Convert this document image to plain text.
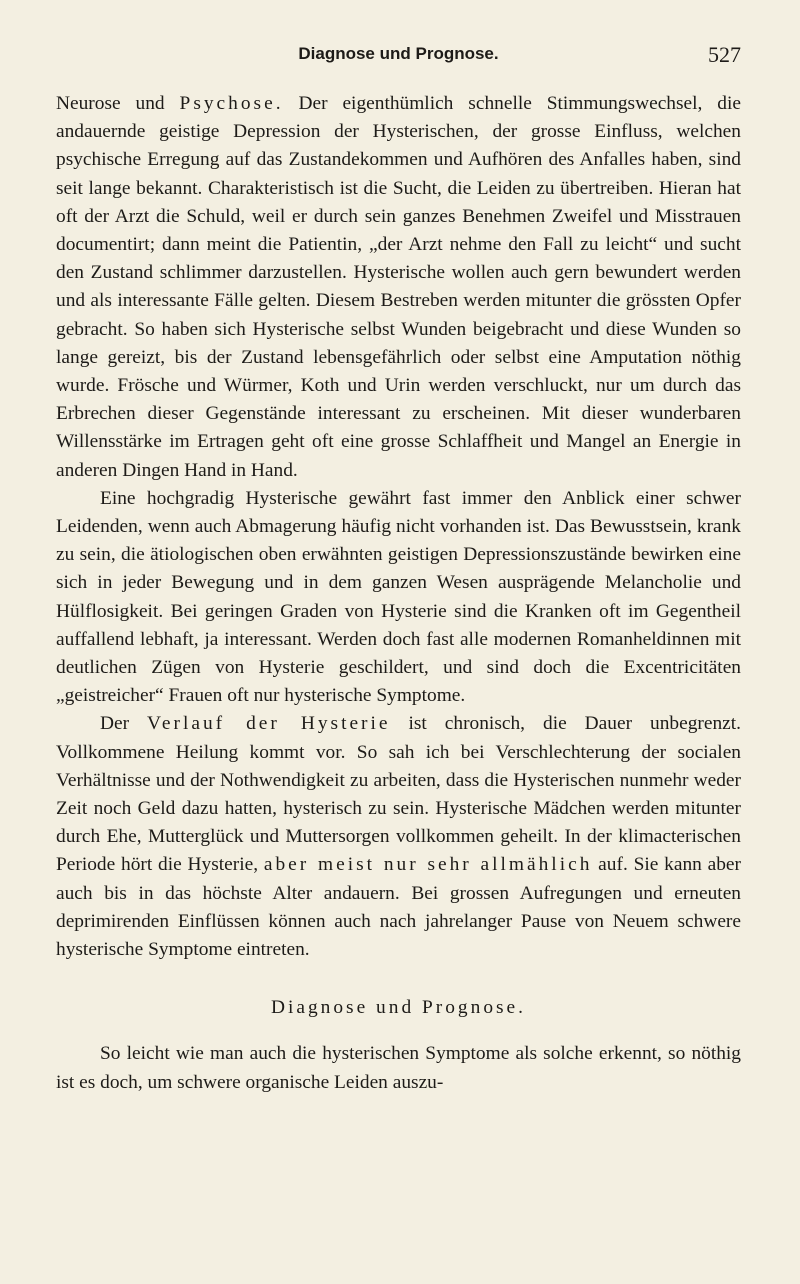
Diagnose und Prognose.	527

Neurose und Psychose. Der eigenthümlich schnelle Stimmungswechsel, die andauernde geistige Depression der Hysterischen, der grosse Einfluss, welchen psychische Erregung auf das Zustandekommen und Aufhören des Anfalles haben, sind seit lange bekannt. Charakteristisch ist die Sucht, die Leiden zu übertreiben. Hieran hat oft der Arzt die Schuld, weil er durch sein ganzes Benehmen Zweifel und Misstrauen documentirt; dann meint die Patientin, „der Arzt nehme den Fall zu leicht“ und sucht den Zustand schlimmer darzustellen. Hysterische wollen auch gern bewundert werden und als interessante Fälle gelten. Diesem Bestreben werden mitunter die grössten Opfer gebracht. So haben sich Hysterische selbst Wunden beigebracht und diese Wunden so lange gereizt, bis der Zustand lebensgefährlich oder selbst eine Amputation nöthig wurde. Frösche und Würmer, Koth und Urin werden verschluckt, nur um durch das Erbrechen dieser Gegenstände interessant zu erscheinen. Mit dieser wunderbaren Willensstärke im Ertragen geht oft eine grosse Schlaffheit und Mangel an Energie in anderen Dingen Hand in Hand.

Eine hochgradig Hysterische gewährt fast immer den Anblick einer schwer Leidenden, wenn auch Abmagerung häufig nicht vorhanden ist. Das Bewusstsein, krank zu sein, die ätiologischen oben erwähnten geistigen Depressionszustände bewirken eine sich in jeder Bewegung und in dem ganzen Wesen ausprägende Melancholie und Hülflosigkeit. Bei geringen Graden von Hysterie sind die Kranken oft im Gegentheil auffallend lebhaft, ja interessant. Werden doch fast alle modernen Romanheldinnen mit deutlichen Zügen von Hysterie geschildert, und sind doch die Excentricitäten „geistreicher“ Frauen oft nur hysterische Symptome.

Der Verlauf der Hysterie ist chronisch, die Dauer unbegrenzt. Vollkommene Heilung kommt vor. So sah ich bei Verschlechterung der socialen Verhältnisse und der Nothwendigkeit zu arbeiten, dass die Hysterischen nunmehr weder Zeit noch Geld dazu hatten, hysterisch zu sein. Hysterische Mädchen werden mitunter durch Ehe, Mutterglück und Muttersorgen vollkommen geheilt. In der klimacterischen Periode hört die Hysterie, aber meist nur sehr allmählich auf. Sie kann aber auch bis in das höchste Alter andauern. Bei grossen Aufregungen und erneuten deprimirenden Einflüssen können auch nach jahrelanger Pause von Neuem schwere hysterische Symptome eintreten.

Diagnose und Prognose.

So leicht wie man auch die hysterischen Symptome als solche erkennt, so nöthig ist es doch, um schwere organische Leiden auszu-
